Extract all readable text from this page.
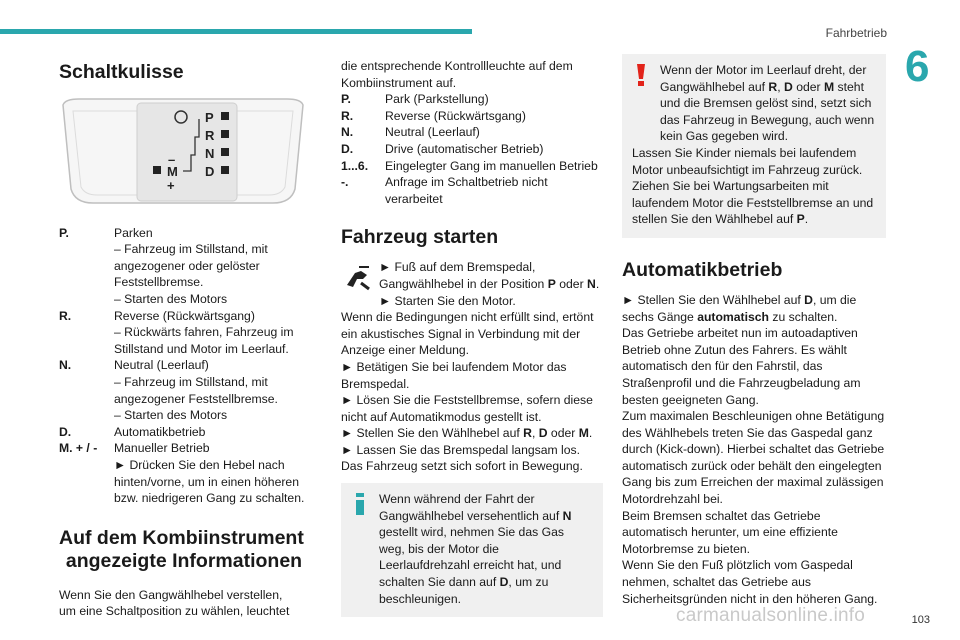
Fahrbetrieb
6
Schaltkulisse
P
R
N
D
M
–
+
P.	Parken
– Fahrzeug im Stillstand, mit
angezogener oder gelöster
Feststellbremse.
– Starten des Motors
R.	Reverse (Rückwärtsgang)
– Rückwärts fahren, Fahrzeug im
Stillstand und Motor im Leerlauf.
N.	Neutral (Leerlauf)
– Fahrzeug im Stillstand, mit
angezogener Feststellbremse.
– Starten des Motors
D.	Automatikbetrieb
M. + / -	Manueller Betrieb
► Drücken Sie den Hebel nach
hinten/vorne, um in einen höheren
bzw. niedrigeren Gang zu schalten.
Auf dem Kombiinstrument
angezeigte Informationen

Wenn Sie den Gangwählhebel verstellen,
um eine Schaltposition zu wählen, leuchtet

die entsprechende Kontrollleuchte auf dem
Kombiinstrument auf.

P.	Park (Parkstellung)
R.	Reverse (Rückwärtsgang)
N.	Neutral (Leerlauf)
D.	Drive (automatischer Betrieb)
1...6.	Eingelegter Gang im manuellen Betrieb
-.	Anfrage im Schaltbetrieb nicht verarbeitet
Fahrzeug starten

► Fuß auf dem Bremspedal,
Gangwählhebel in der Position P oder N.

► Starten Sie den Motor.

Wenn die Bedingungen nicht erfüllt sind, ertönt ein akustisches Signal in Verbindung mit der Anzeige einer Meldung.

► Betätigen Sie bei laufendem Motor das Bremspedal.

► Lösen Sie die Feststellbremse, sofern diese nicht auf Automatikmodus gestellt ist.

► Stellen Sie den Wählhebel auf R, D oder M.

► Lassen Sie das Bremspedal langsam los.

Das Fahrzeug setzt sich sofort in Bewegung.

Wenn während der Fahrt der Gangwählhebel versehentlich auf N gestellt wird, nehmen Sie das Gas weg, bis der Motor die Leerlaufdrehzahl erreicht hat, und schalten Sie dann auf D, um zu beschleunigen.

Wenn der Motor im Leerlauf dreht, der Gangwählhebel auf R, D oder M steht und die Bremsen gelöst sind, setzt sich das Fahrzeug in Bewegung, auch wenn kein Gas gegeben wird.

Lassen Sie Kinder niemals bei laufendem Motor unbeaufsichtigt im Fahrzeug zurück.

Ziehen Sie bei Wartungsarbeiten mit laufendem Motor die Feststellbremse an und stellen Sie den Wählhebel auf P.

Automatikbetrieb

► Stellen Sie den Wählhebel auf D, um die sechs Gänge automatisch zu schalten.

Das Getriebe arbeitet nun im autoadaptiven Betrieb ohne Zutun des Fahrers. Es wählt automatisch den für den Fahrstil, das Straßenprofil und die Fahrzeugbeladung am besten geeigneten Gang.

Zum maximalen Beschleunigen ohne Betätigung des Wählhebels treten Sie das Gaspedal ganz durch (Kick-down). Hierbei schaltet das Getriebe automatisch zurück oder behält den eingelegten Gang bis zum Erreichen der maximal zulässigen Motordrehzahl bei.

Beim Bremsen schaltet das Getriebe automatisch herunter, um eine effiziente Motorbremse zu bieten.

Wenn Sie den Fuß plötzlich vom Gaspedal nehmen, schaltet das Getriebe aus Sicherheitsgründen nicht in den höheren Gang.

carmanualsonline.info	103
